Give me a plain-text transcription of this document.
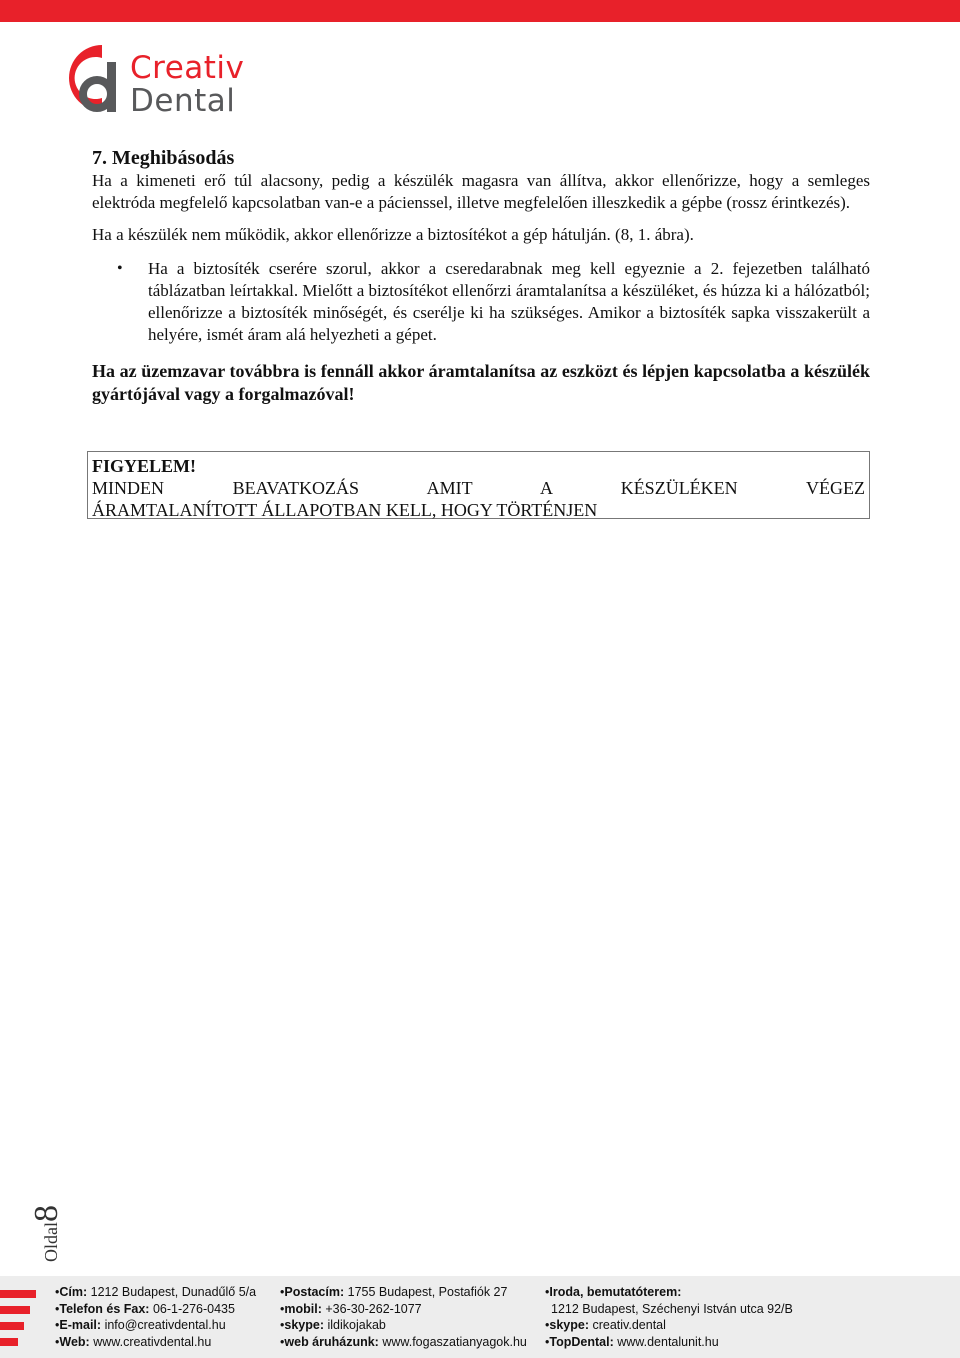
Creativ
Dental

7. Meghibásodás

Ha a kimeneti erő túl alacsony, pedig a készülék magasra van állítva, akkor ellenőrizze, hogy a semleges elektróda megfelelő kapcsolatban van-e a pácienssel, illetve megfelelően illeszkedik a gépbe (rossz érintkezés).

Ha a készülék nem működik, akkor ellenőrizze a biztosítékot a gép hátulján. (8, 1. ábra).

• Ha a biztosíték cserére szorul, akkor a cseredarabnak meg kell egyeznie a 2. fejezetben található táblázatban leírtakkal. Mielőtt a biztosítékot ellenőrzi áramtalanítsa a készüléket, és húzza ki a hálózatból; ellenőrizze a biztosíték minőségét, és cserélje ki ha szükséges. Amikor a biztosíték sapka visszakerült a helyére, ismét áram alá helyezheti a gépet.

Ha az üzemzavar továbbra is fennáll akkor áramtalanítsa az eszközt és lépjen kapcsolatba a készülék gyártójával vagy a forgalmazóval!

FIGYELEM!
MINDEN BEAVATKOZÁS AMIT A KÉSZÜLÉKEN VÉGEZ
ÁRAMTALANÍTOTT ÁLLAPOTBAN KELL, HOGY TÖRTÉNJEN
Oldal8
•Cím: 1212 Budapest, Dunadűlő 5/a
•Telefon és Fax: 06-1-276-0435
•E-mail: info@creativdental.hu
•Web: www.creativdental.hu
•Postacím: 1755 Budapest, Postafiók 27
•mobil: +36-30-262-1077
•skype: ildikojakab
•web áruházunk: www.fogaszatianyagok.hu
•Iroda, bemutatóterem:
1212 Budapest, Széchenyi István utca 92/B
•skype: creativ.dental
•TopDental: www.dentalunit.hu
